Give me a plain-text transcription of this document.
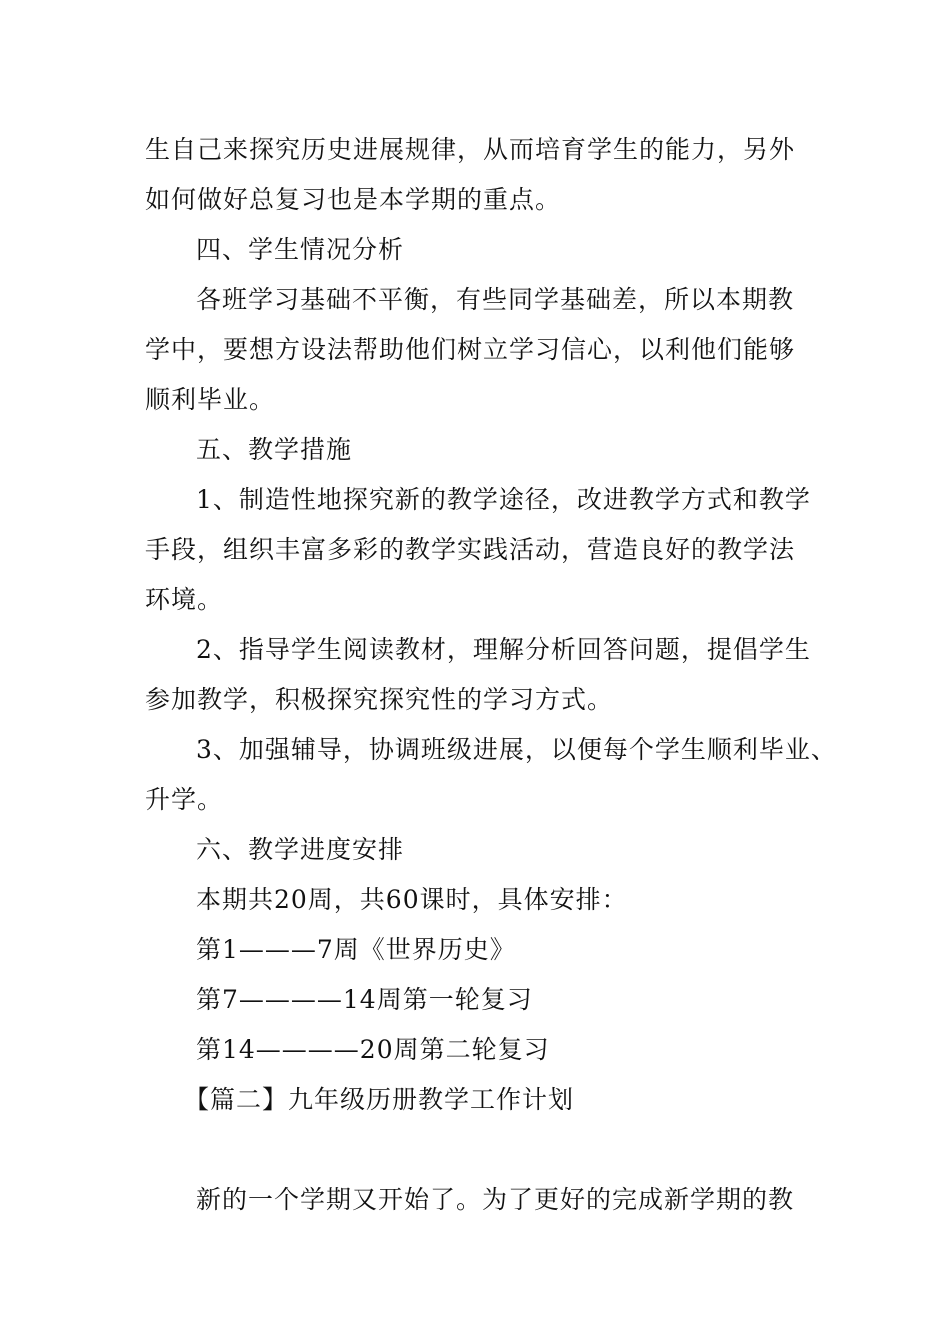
生自己来探究历史进展规律，从而培育学生的能力，另外
如何做好总复习也是本学期的重点。
四、学生情况分析
各班学习基础不平衡，有些同学基础差，所以本期教
学中，要想方设法帮助他们树立学习信心，以利他们能够
顺利毕业。
五、教学措施
1、制造性地探究新的教学途径，改进教学方式和教学
手段，组织丰富多彩的教学实践活动，营造良好的教学法
环境。
2、指导学生阅读教材，理解分析回答问题，提倡学生
参加教学，积极探究探究性的学习方式。
3、加强辅导，协调班级进展，以便每个学生顺利毕业、
升学。
六、教学进度安排
本期共20周，共60课时，具体安排：
第1———7周《世界历史》
第7————14周第一轮复习
第14————20周第二轮复习
【篇二】九年级历册教学工作计划
新的一个学期又开始了。为了更好的完成新学期的教
